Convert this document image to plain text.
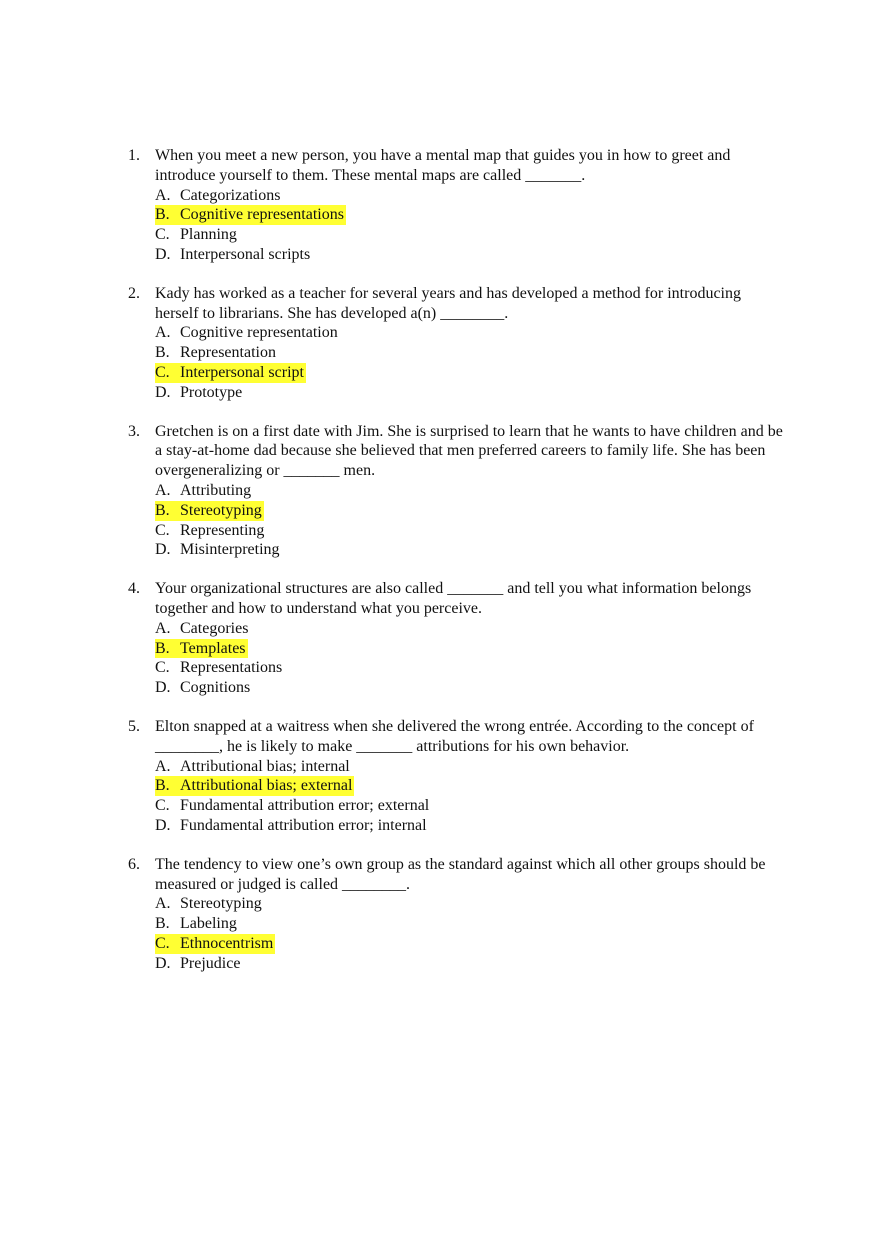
1. When you meet a new person, you have a mental map that guides you in how to greet and introduce yourself to them. These mental maps are called _______.
A. Categorizations
B. Cognitive representations
C. Planning
D. Interpersonal scripts
2. Kady has worked as a teacher for several years and has developed a method for introducing herself to librarians. She has developed a(n) ________.
A. Cognitive representation
B. Representation
C. Interpersonal script
D. Prototype
3. Gretchen is on a first date with Jim. She is surprised to learn that he wants to have children and be a stay-at-home dad because she believed that men preferred careers to family life. She has been overgeneralizing or _______ men.
A. Attributing
B. Stereotyping
C. Representing
D. Misinterpreting
4. Your organizational structures are also called _______ and tell you what information belongs together and how to understand what you perceive.
A. Categories
B. Templates
C. Representations
D. Cognitions
5. Elton snapped at a waitress when she delivered the wrong entrée. According to the concept of ________, he is likely to make _______ attributions for his own behavior.
A. Attributional bias; internal
B. Attributional bias; external
C. Fundamental attribution error; external
D. Fundamental attribution error; internal
6. The tendency to view one’s own group as the standard against which all other groups should be measured or judged is called ________.
A. Stereotyping
B. Labeling
C. Ethnocentrism
D. Prejudice
